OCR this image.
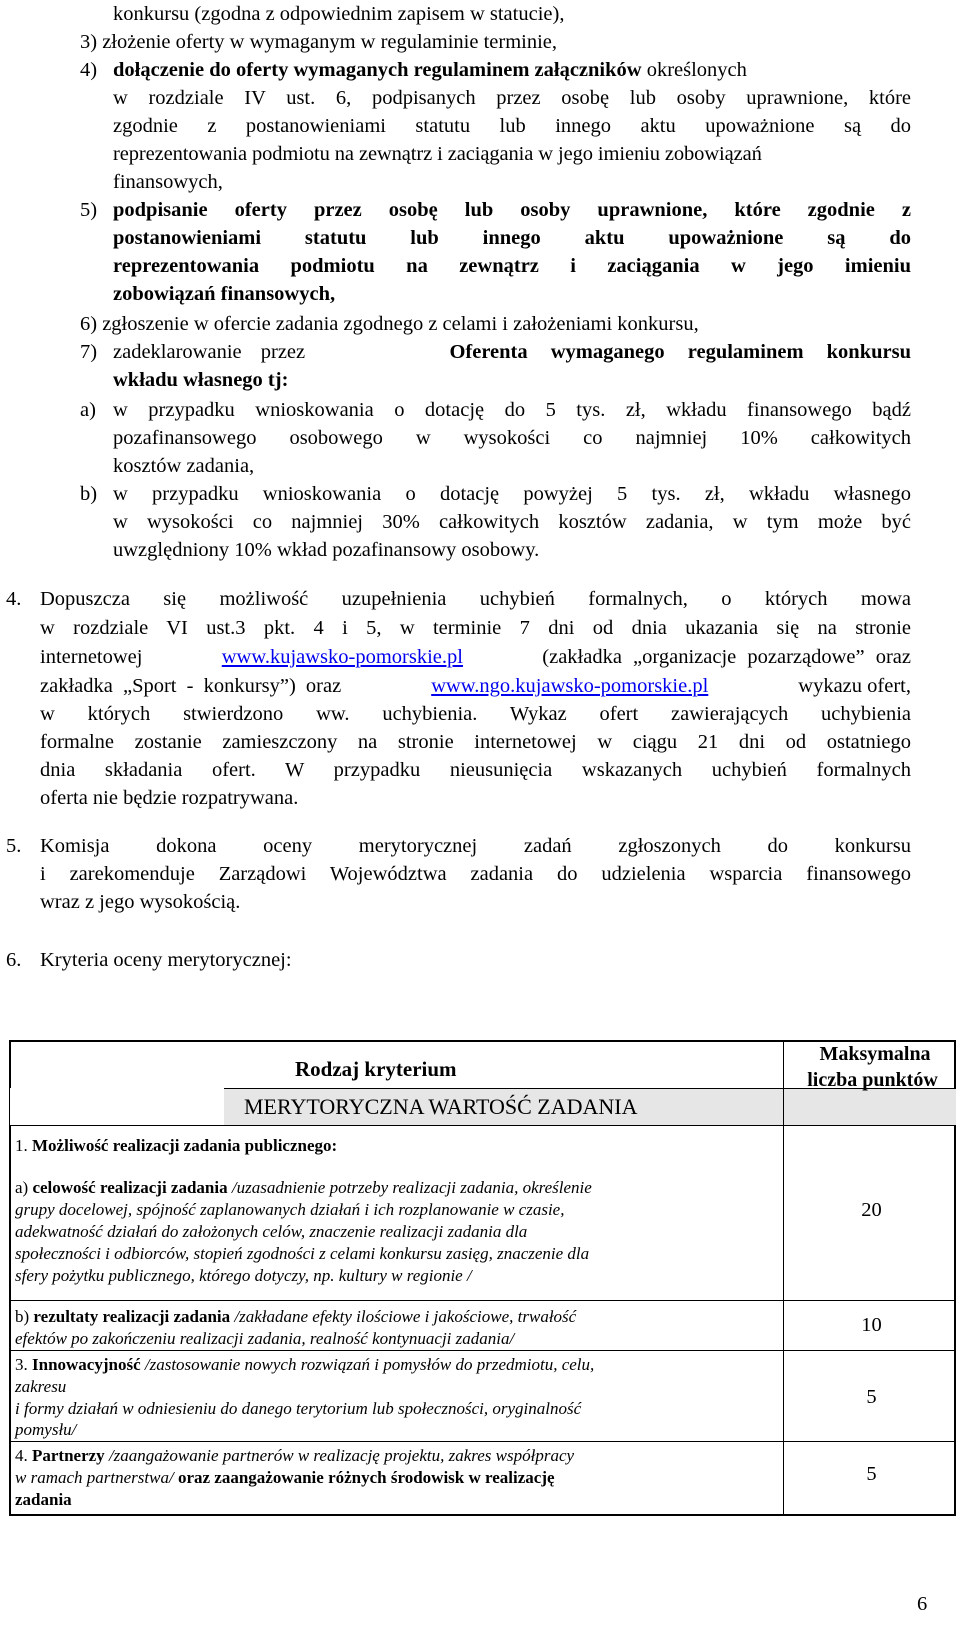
konkursu (zgodna z odpowiednim zapisem w statucie),
3) złożenie oferty w wymaganym w regulaminie terminie,
4) dołączenie do oferty wymaganych regulaminem załączników określonych
w rozdziale IV ust. 6, podpisanych przez osobę lub osoby uprawnione, które
zgodnie z postanowieniami statutu lub innego aktu upoważnione są do
reprezentowania podmiotu na zewnątrz i zaciągania w jego imieniu zobowiązań
finansowych,
5) podpisanie oferty przez osobę lub osoby uprawnione, które zgodnie z
postanowieniami statutu lub innego aktu upoważnione są do
reprezentowania podmiotu na zewnątrz i zaciągania w jego imieniu
zobowiązań finansowych,
6) zgłoszenie w ofercie zadania zgodnego z celami i założeniami konkursu,
7) zadeklarowanie przez	Oferenta wymaganego regulaminem konkursu
wkładu własnego tj:
a) w przypadku wnioskowania o dotację do 5 tys. zł, wkładu finansowego bądź
pozafinansowego osobowego w wysokości co najmniej 10% całkowitych
kosztów zadania,
b) w przypadku wnioskowania o dotację powyżej 5 tys. zł, wkładu własnego
w wysokości co najmniej 30% całkowitych kosztów zadania, w tym może być
uwzględniony 10% wkład pozafinansowy osobowy.
4. Dopuszcza się możliwość uzupełnienia uchybień formalnych, o których mowa
w rozdziale VI ust.3 pkt. 4 i 5, w terminie 7 dni od dnia ukazania się na stronie
internetowej	www.kujawsko-pomorskie.pl	(zakładka „organizacje pozarządowe” oraz
zakładka „Sport - konkursy”) oraz	www.ngo.kujawsko-pomorskie.pl	wykazu ofert,
w których stwierdzono ww. uchybienia. Wykaz ofert zawierających uchybienia
formalne zostanie zamieszczony na stronie internetowej w ciągu 21 dni od ostatniego
dnia składania ofert. W przypadku nieusunięcia wskazanych uchybień formalnych
oferta nie będzie rozpatrywana.
5. Komisja dokona oceny merytorycznej zadań zgłoszonych do konkursu
i zarekomenduje Zarządowi Województwa zadania do udzielenia wsparcia finansowego
wraz z jego wysokością.
6. Kryteria oceny merytorycznej:
Rodzaj kryterium
Maksymalna
liczba punktów
MERYTORYCZNA WARTOŚĆ ZADANIA
1. Możliwość realizacji zadania publicznego:
a) celowość realizacji zadania /uzasadnienie potrzeby realizacji zadania, określenie
grupy docelowej, spójność zaplanowanych działań i ich rozplanowanie w czasie,
adekwatność działań do założonych celów, znaczenie realizacji zadania dla
społeczności i odbiorców, stopień zgodności z celami konkursu zasięg, znaczenie dla
sfery pożytku publicznego, którego dotyczy, np. kultury w regionie /
20
b) rezultaty realizacji zadania /zakładane efekty ilościowe i jakościowe, trwałość
efektów po zakończeniu realizacji zadania, realność kontynuacji zadania/
10
3. Innowacyjność /zastosowanie nowych rozwiązań i pomysłów do przedmiotu, celu,
zakresu
i formy działań w odniesieniu do danego terytorium lub społeczności, oryginalność
pomysłu/
5
4. Partnerzy /zaangażowanie partnerów w realizację projektu, zakres współpracy
w ramach partnerstwa/ oraz zaangażowanie różnych środowisk w realizację
zadania
5
6
